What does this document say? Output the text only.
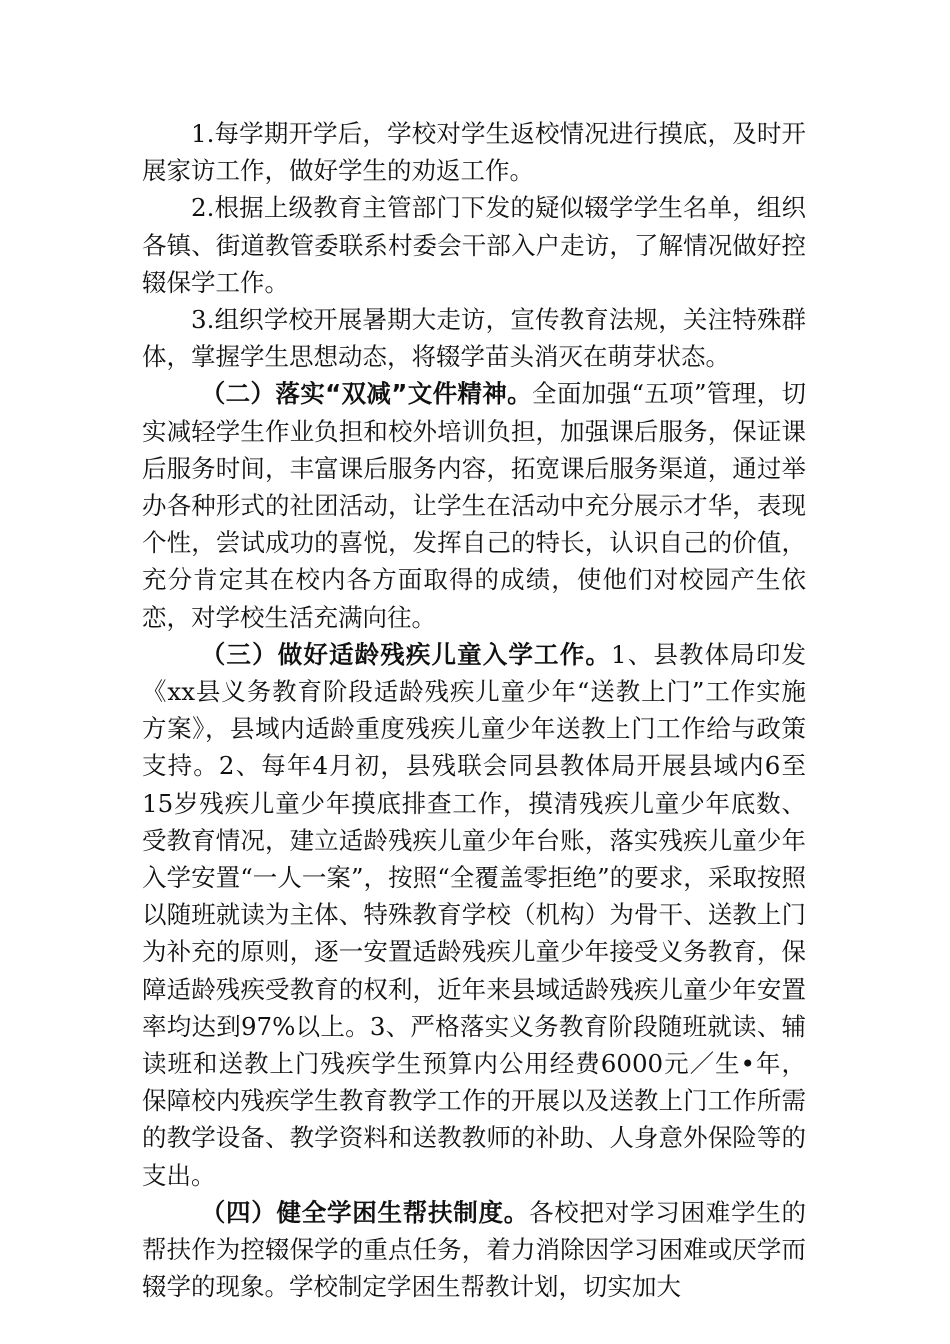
1.每学期开学后，学校对学生返校情况进行摸底，及时开展家访工作，做好学生的劝返工作。

2.根据上级教育主管部门下发的疑似辍学学生名单，组织各镇、街道教管委联系村委会干部入户走访，了解情况做好控辍保学工作。

3.组织学校开展暑期大走访，宣传教育法规，关注特殊群体，掌握学生思想动态，将辍学苗头消灭在萌芽状态。

（二）落实“双减”文件精神。全面加强“五项”管理，切实减轻学生作业负担和校外培训负担，加强课后服务，保证课后服务时间，丰富课后服务内容，拓宽课后服务渠道，通过举办各种形式的社团活动，让学生在活动中充分展示才华，表现个性，尝试成功的喜悦，发挥自己的特长，认识自己的价值，充分肯定其在校内各方面取得的成绩，使他们对校园产生依恋，对学校生活充满向往。

（三）做好适龄残疾儿童入学工作。1、县教体局印发《xx县义务教育阶段适龄残疾儿童少年“送教上门”工作实施方案》，县域内适龄重度残疾儿童少年送教上门工作给与政策支持。2、每年4月初，县残联会同县教体局开展县域内6至15岁残疾儿童少年摸底排查工作，摸清残疾儿童少年底数、受教育情况，建立适龄残疾儿童少年台账，落实残疾儿童少年入学安置“一人一案”，按照“全覆盖零拒绝”的要求，采取按照以随班就读为主体、特殊教育学校（机构）为骨干、送教上门为补充的原则，逐一安置适龄残疾儿童少年接受义务教育，保障适龄残疾受教育的权利，近年来县域适龄残疾儿童少年安置率均达到97%以上。3、严格落实义务教育阶段随班就读、辅读班和送教上门残疾学生预算内公用经费6000元／生•年，保障校内残疾学生教育教学工作的开展以及送教上门工作所需的教学设备、教学资料和送教教师的补助、人身意外保险等的支出。

（四）健全学困生帮扶制度。各校把对学习困难学生的帮扶作为控辍保学的重点任务，着力消除因学习困难或厌学而辍学的现象。学校制定学困生帮教计划，切实加大
